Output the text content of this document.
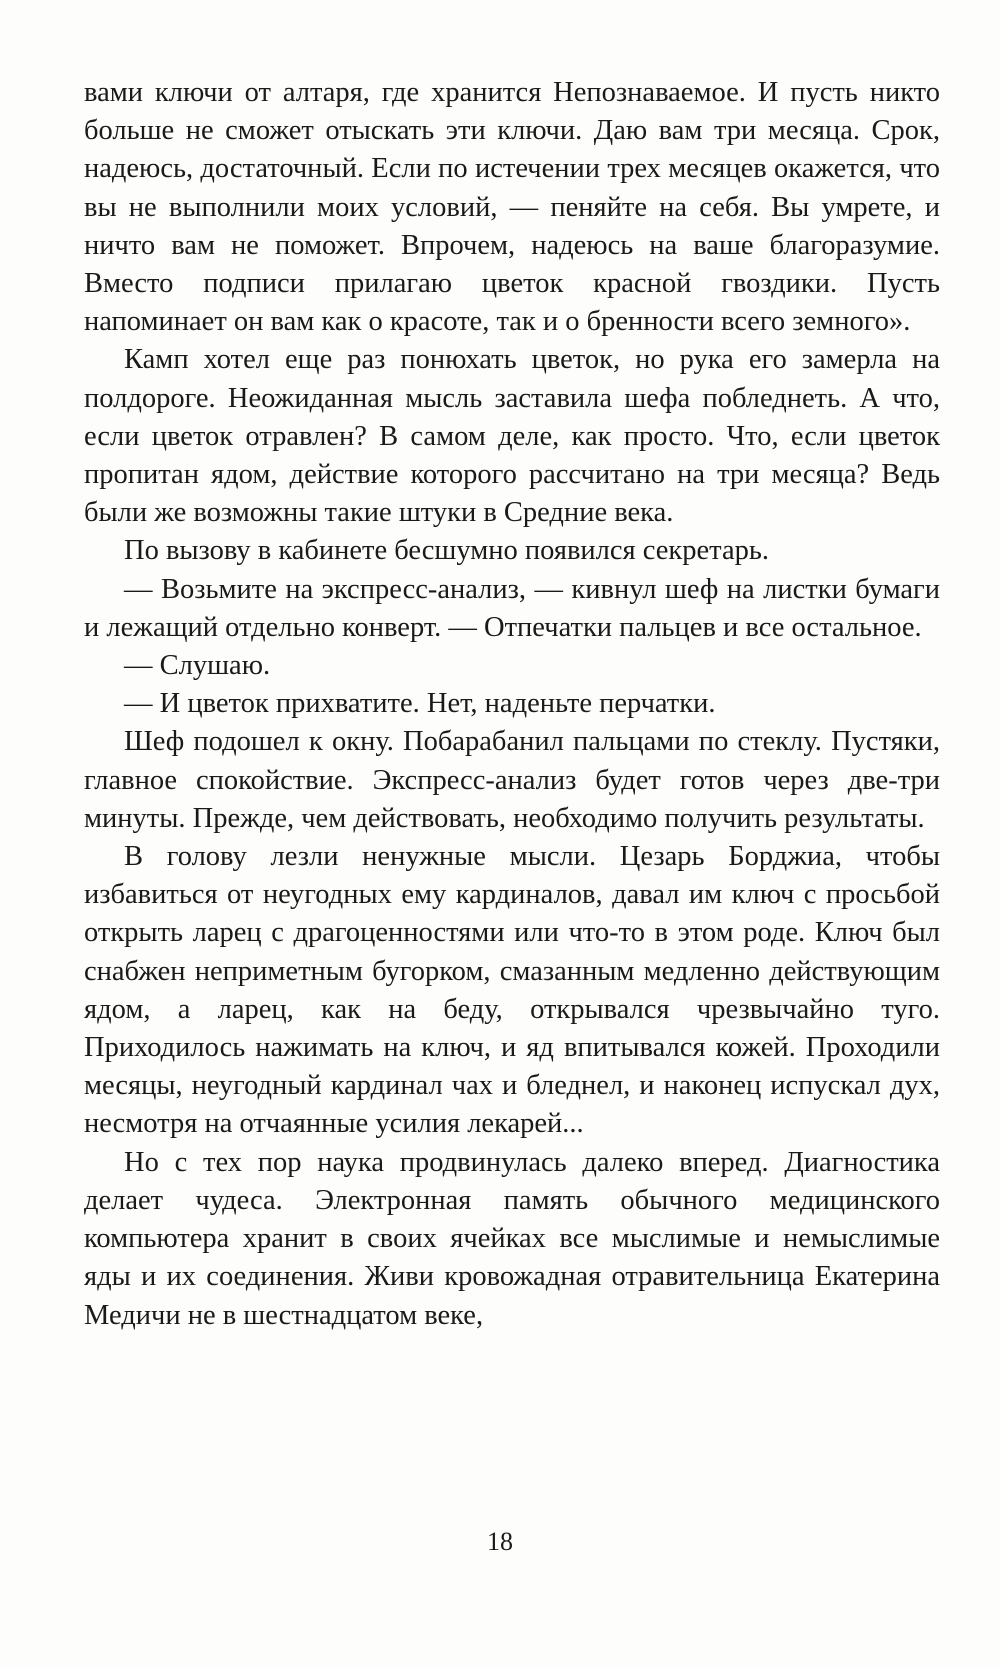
вами ключи от алтаря, где хранится Непознаваемое. И пусть никто больше не сможет отыскать эти ключи. Даю вам три месяца. Срок, надеюсь, достаточный. Если по истечении трех месяцев окажется, что вы не выполнили моих условий, — пеняйте на себя. Вы умрете, и ничто вам не поможет. Впрочем, надеюсь на ваше благоразумие. Вместо подписи прилагаю цветок красной гвоздики. Пусть напоминает он вам как о красоте, так и о бренности всего земного».

Камп хотел еще раз понюхать цветок, но рука его замерла на полдороге. Неожиданная мысль заставила шефа побледнеть. А что, если цветок отравлен? В самом деле, как просто. Что, если цветок пропитан ядом, действие которого рассчитано на три месяца? Ведь были же возможны такие штуки в Средние века.

По вызову в кабинете бесшумно появился секретарь.

— Возьмите на экспресс-анализ, — кивнул шеф на листки бумаги и лежащий отдельно конверт. — Отпечатки пальцев и все остальное.

— Слушаю.

— И цветок прихватите. Нет, наденьте перчатки.

Шеф подошел к окну. Побарабанил пальцами по стеклу. Пустяки, главное спокойствие. Экспресс-анализ будет готов через две-три минуты. Прежде, чем действовать, необходимо получить результаты.

В голову лезли ненужные мысли. Цезарь Борджиа, чтобы избавиться от неугодных ему кардиналов, давал им ключ с просьбой открыть ларец с драгоценностями или что-то в этом роде. Ключ был снабжен неприметным бугорком, смазанным медленно действующим ядом, а ларец, как на беду, открывался чрезвычайно туго. Приходилось нажимать на ключ, и яд впитывался кожей. Проходили месяцы, неугодный кардинал чах и бледнел, и наконец испускал дух, несмотря на отчаянные усилия лекарей...

Но с тех пор наука продвинулась далеко вперед. Диагностика делает чудеса. Электронная память обычного медицинского компьютера хранит в своих ячейках все мыслимые и немыслимые яды и их соединения. Живи кровожадная отравительница Екатерина Медичи не в шестнадцатом веке,

18
